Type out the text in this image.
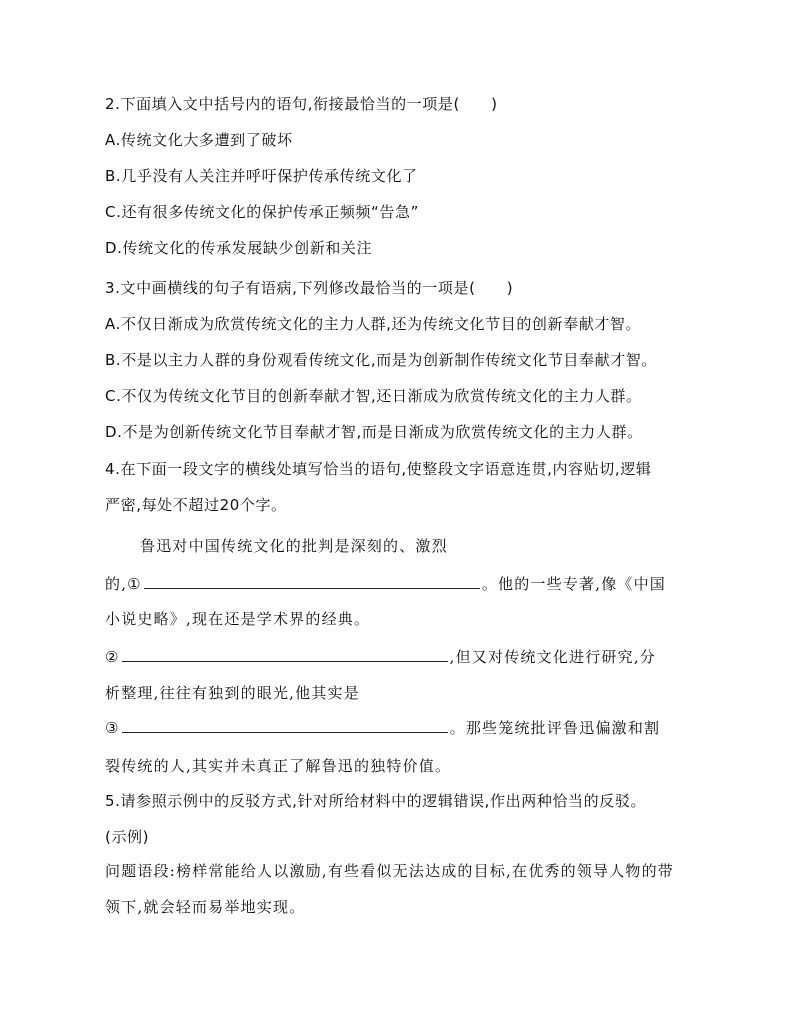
2.下面填入文中括号内的语句,衔接最恰当的一项是(　　)
A.传统文化大多遭到了破坏
B.几乎没有人关注并呼吁保护传承传统文化了
C.还有很多传统文化的保护传承正频频“告急”
D.传统文化的传承发展缺少创新和关注
3.文中画横线的句子有语病,下列修改最恰当的一项是(　　)
A.不仅日渐成为欣赏传统文化的主力人群,还为传统文化节目的创新奉献才智。
B.不是以主力人群的身份观看传统文化,而是为创新制作传统文化节目奉献才智。
C.不仅为传统文化节目的创新奉献才智,还日渐成为欣赏传统文化的主力人群。
D.不是为创新传统文化节目奉献才智,而是日渐成为欣赏传统文化的主力人群。
4.在下面一段文字的横线处填写恰当的语句,使整段文字语意连贯,内容贴切,逻辑
严密,每处不超过20个字。
鲁迅对中国传统文化的批判是深刻的、激烈
的,①	。他的一些专著,像《中国
小说史略》,现在还是学术界的经典。
②	,但又对传统文化进行研究,分
析整理,往往有独到的眼光,他其实是
③	。那些笼统批评鲁迅偏激和割
裂传统的人,其实并未真正了解鲁迅的独特价值。
5.请参照示例中的反驳方式,针对所给材料中的逻辑错误,作出两种恰当的反驳。
(示例)
问题语段:榜样常能给人以激励,有些看似无法达成的目标,在优秀的领导人物的带
领下,就会轻而易举地实现。
